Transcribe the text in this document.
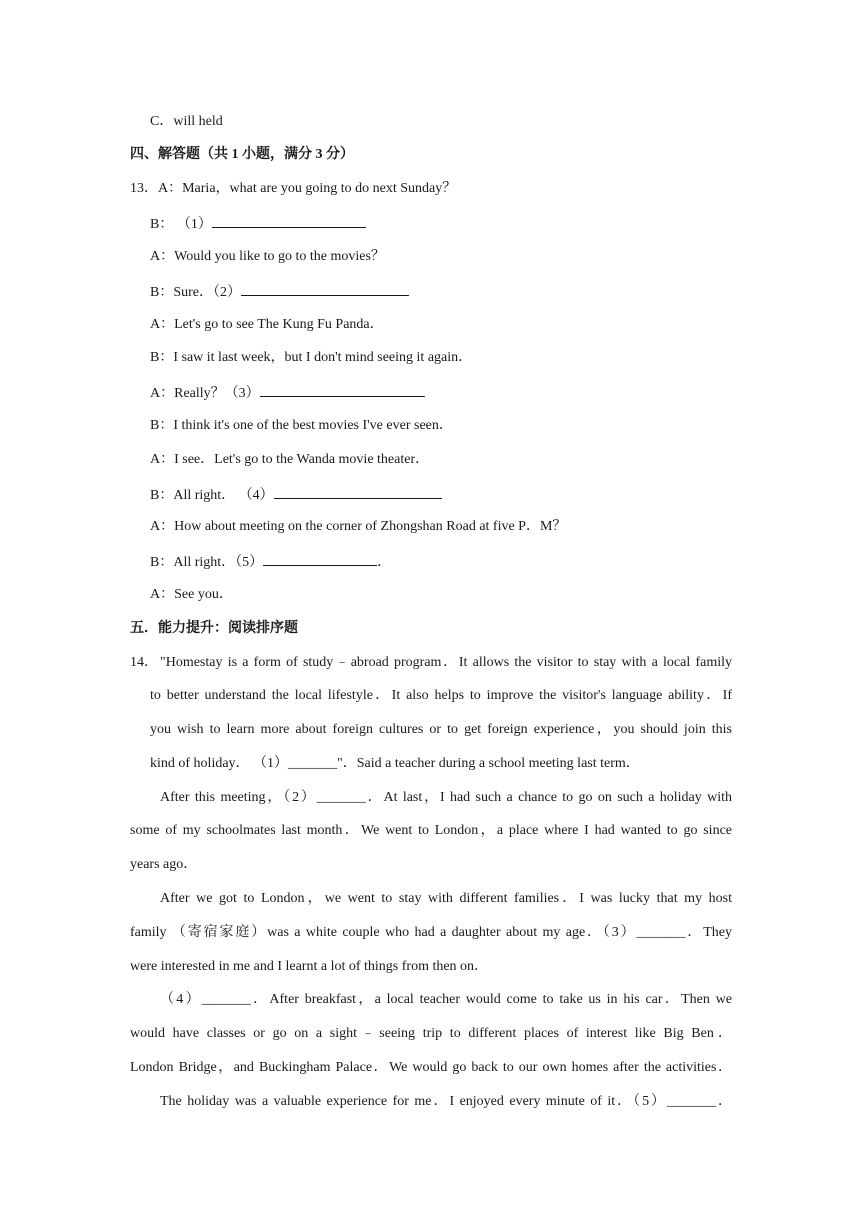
C．will held
四、解答题（共 1 小题，满分 3 分）
13．A：Maria，what are you going to do next Sunday？
B： （1）
A：Would you like to go to the movies？
B：Sure．（2）
A：Let's go to see The Kung Fu Panda．
B：I saw it last week，but I don't mind seeing it again．
A：Really？（3）
B：I think it's one of the best movies I've ever seen．
A：I see．Let's go to the Wanda movie theater．
B：All right． （4）
A：How about meeting on the corner of Zhongshan Road at five P．M？
B：All right．（5）	．
A：See you．
五．能力提升：阅读排序题
14． "Homestay is a form of study﹣abroad program．It allows the visitor to stay with a local family
to better understand the local lifestyle．It also helps to improve the visitor's language ability．If
you wish to learn more about foreign cultures or to get foreign experience，you should join this
kind of holiday． （1）_______"．Said a teacher during a school meeting last term．
After this meeting，（2）_______．At last，I had such a chance to go on such a holiday with
some of my schoolmates last month．We went to London，a place where I had wanted to go since
years ago．
After we got to London，we went to stay with different families．I was lucky that my host
family （寄宿家庭）was a white couple who had a daughter about my age．（3）_______．They
were interested in me and I learnt a lot of things from then on．
（4）_______．After breakfast，a local teacher would come to take us in his car．Then we
would have classes or go on a sight﹣seeing trip to different places of interest like Big Ben．
London Bridge，and Buckingham Palace．We would go back to our own homes after the activities．
The holiday was a valuable experience for me．I enjoyed every minute of it．（5）_______．
